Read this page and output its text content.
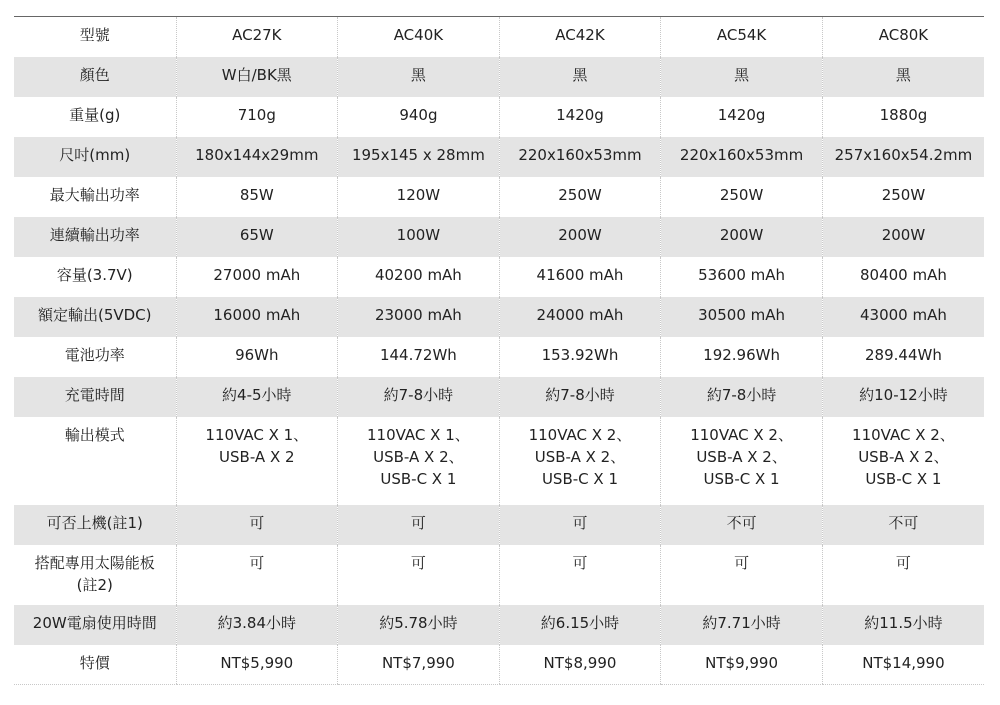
型號	AC27K	AC40K	AC42K	AC54K	AC80K

顏色	W白/BK黑	黑	黑	黑	黑

重量(g)	710g	940g	1420g	1420g	1880g

尺吋(mm)	180x144x29mm	195x145 x 28mm	220x160x53mm	220x160x53mm	257x160x54.2mm

最大輸出功率	85W	120W	250W	250W	250W

連續輸出功率	65W	100W	200W	200W	200W

容量(3.7V)	27000 mAh	40200 mAh	41600 mAh	53600 mAh	80400 mAh

額定輸出(5VDC)	16000 mAh	23000 mAh	24000 mAh	30500 mAh	43000 mAh

電池功率	96Wh	144.72Wh	153.92Wh	192.96Wh	289.44Wh

充電時間	約4-5小時	約7-8小時	約7-8小時	約7-8小時	約10-12小時

輸出模式	110VAC X 1、
USB-A X 2	110VAC X 1、
USB-A X 2、
USB-C X 1	110VAC X 2、
USB-A X 2、
USB-C X 1	110VAC X 2、
USB-A X 2、
USB-C X 1	110VAC X 2、
USB-A X 2、
USB-C X 1

可否上機(註1)	可	可	可	不可	不可

搭配專用太陽能板
(註2)	可	可	可	可	可

20W電扇使用時間	約3.84小時	約5.78小時	約6.15小時	約7.71小時	約11.5小時

特價	NT$5,990	NT$7,990	NT$8,990	NT$9,990	NT$14,990
